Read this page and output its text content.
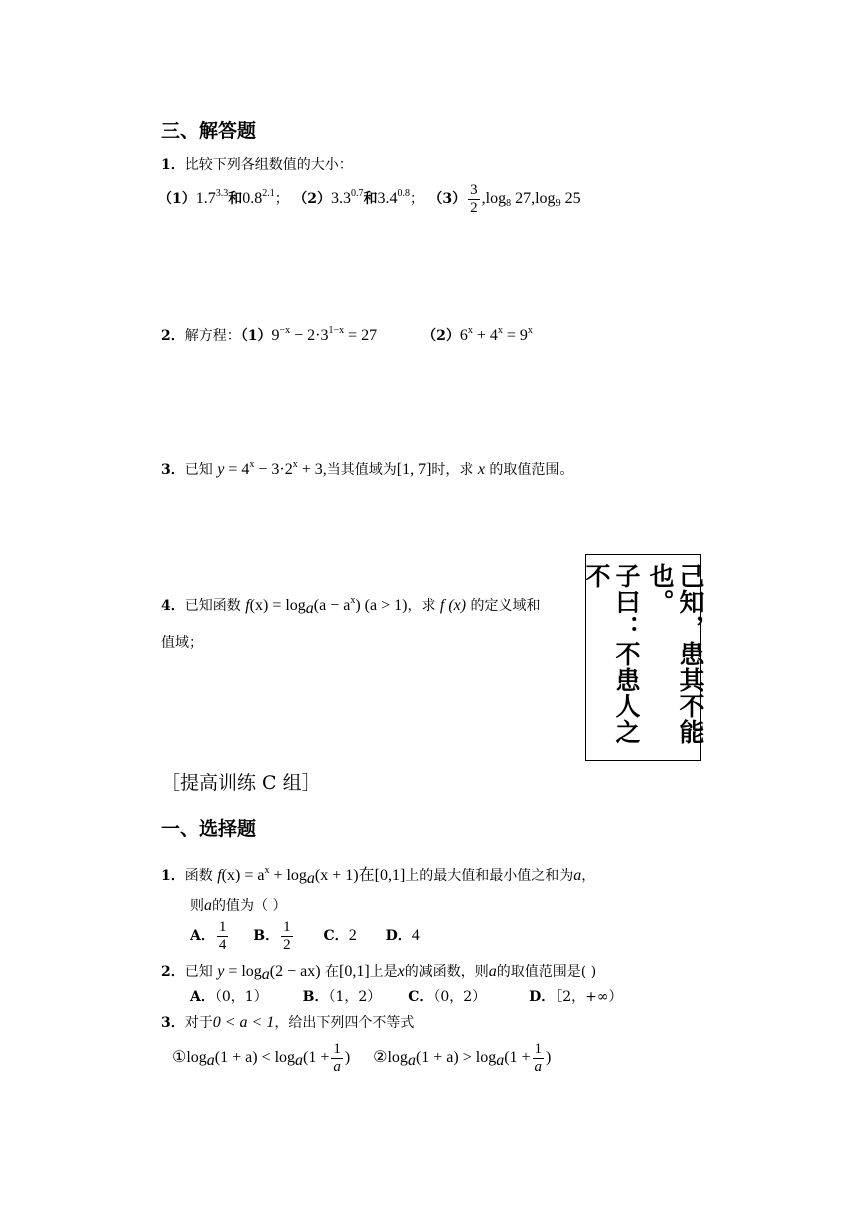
三、解答题
1．比较下列各组数值的大小：
$(1)1.7^{3.3}$和$0.8^{2.1}$； $(2)3.3^{0.7}$和$3.4^{0.8}$； $(3) \frac{3}{2} ,\log_8$ $27,\log_9$ 25
2．解方程：$(1)9^{-x} - 2\cdot 3^{1-x} = 27$	$(2)6^x + 4^x = 9^x$
3．已知 $y = 4^x - 3\cdot 2^x + 3$,当其值域为[1, 7]时，求 x 的取值范围。
4．已知函数 $f(x) = \log_a(a - a^x) (a > 1)$，求 f (x) 的定义域和
值域；	子曰：不患人之不	己知，患其不能也。
［提高训练 C 组］
一、选择题
1．函数 $f(x) = a^x + \log_a(x + 1)$在[0,1]上的最大值和最小值之和为a，
则a的值为（ ）
A． $\frac{1}{4}$ B． $\frac{1}{2}$ C．2 D．4
2．已知 $y = \log_a(2 - ax)$ 在[0,1]上是x的减函数，则a的取值范围是( )
A．（0，1） B．（1，2） C．（0，2）	D．［2，+∞）
3．对于0 < a < 1，给出下列四个不等式
$①\log_a(1 + a) < \log_a(1 + \frac{1}{a}$ ) $②\log_a(1 + a) > \log_a(1 + \frac{1}{a}$ )
